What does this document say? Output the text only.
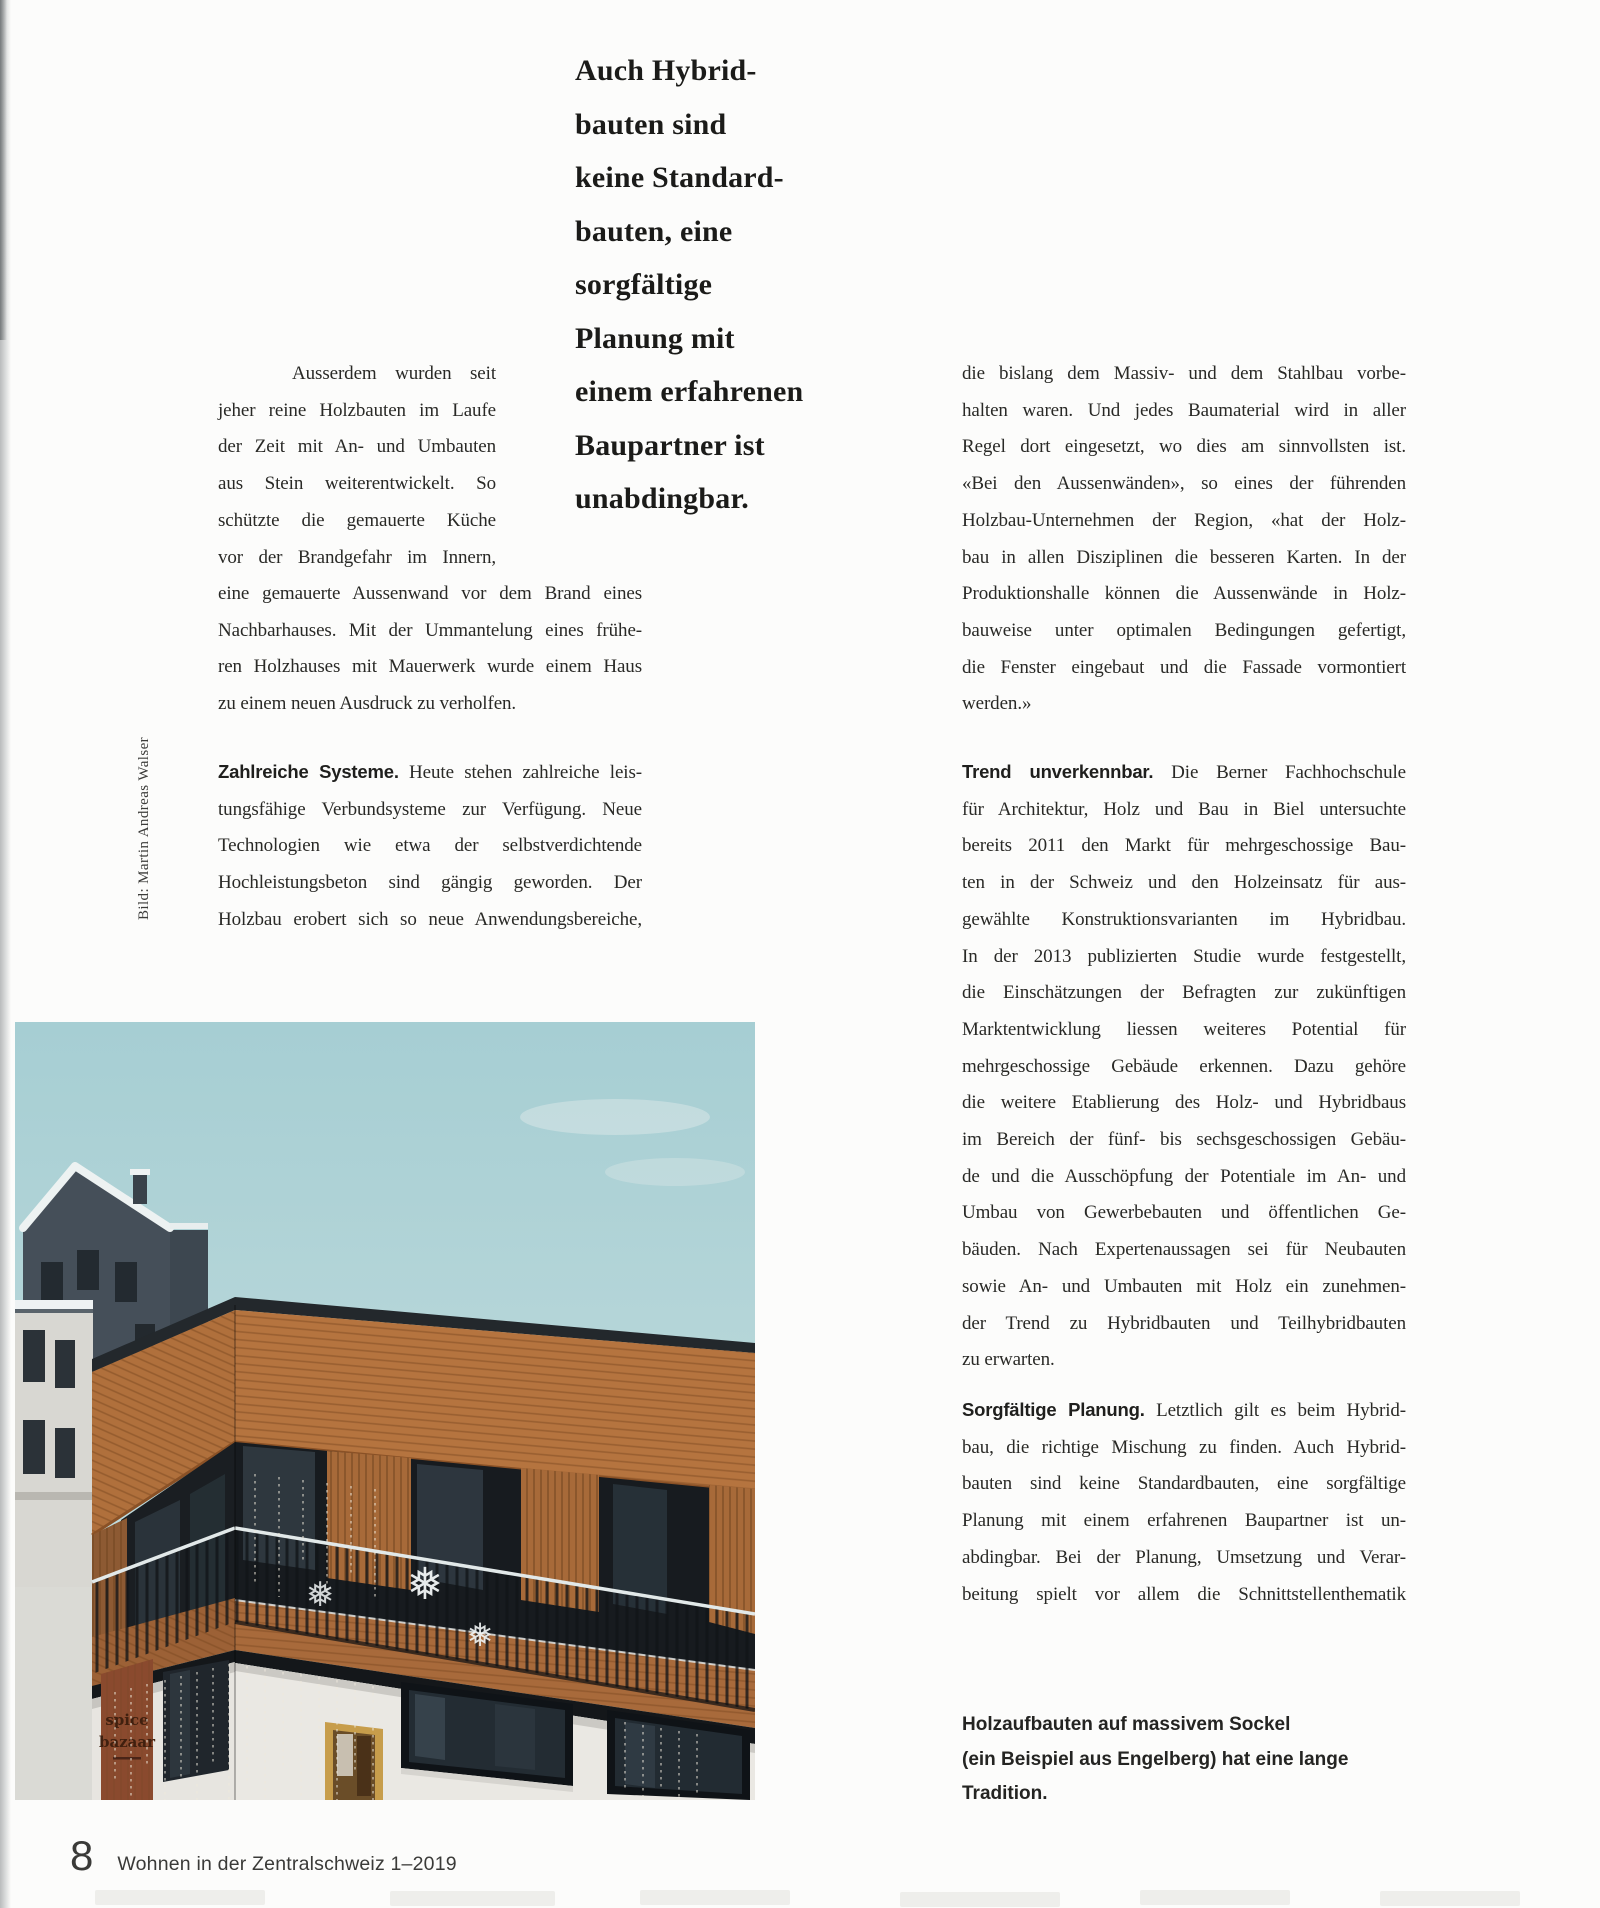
Auch Hybrid-
bauten sind
keine Standard-
bauten, eine
sorgfältige
Planung mit
einem erfahrenen
Baupartner ist
unabdingbar.
Ausserdem wurden seit
jeher reine Holzbauten im Laufe
der Zeit mit An- und Umbauten
aus Stein weiterentwickelt. So
schützte die gemauerte Küche
vor der Brandgefahr im Innern,
eine gemauerte Aussenwand vor dem Brand eines
Nachbarhauses. Mit der Ummantelung eines frühe-
ren Holzhauses mit Mauerwerk wurde einem Haus
zu einem neuen Ausdruck zu verholfen.
Zahlreiche Systeme. Heute stehen zahlreiche leis-
tungsfähige Verbundsysteme zur Verfügung. Neue
Technologien wie etwa der selbstverdichtende
Hochleistungsbeton sind gängig geworden. Der
Holzbau erobert sich so neue Anwendungsbereiche,
die bislang dem Massiv- und dem Stahlbau vorbe-
halten waren. Und jedes Baumaterial wird in aller
Regel dort eingesetzt, wo dies am sinnvollsten ist.
«Bei den Aussenwänden», so eines der führenden
Holzbau-Unternehmen der Region, «hat der Holz-
bau in allen Disziplinen die besseren Karten. In der
Produktionshalle können die Aussenwände in Holz-
bauweise unter optimalen Bedingungen gefertigt,
die Fenster eingebaut und die Fassade vormontiert
werden.»
Trend unverkennbar. Die Berner Fachhochschule
für Architektur, Holz und Bau in Biel untersuchte
bereits 2011 den Markt für mehrgeschossige Bau-
ten in der Schweiz und den Holzeinsatz für aus-
gewählte Konstruktionsvarianten im Hybridbau.
In der 2013 publizierten Studie wurde festgestellt,
die Einschätzungen der Befragten zur zukünftigen
Marktentwicklung liessen weiteres Potential für
mehrgeschossige Gebäude erkennen. Dazu gehöre
die weitere Etablierung des Holz- und Hybridbaus
im Bereich der fünf- bis sechsgeschossigen Gebäu-
de und die Ausschöpfung der Potentiale im An- und
Umbau von Gewerbebauten und öffentlichen Ge-
bäuden. Nach Expertenaussagen sei für Neubauten
sowie An- und Umbauten mit Holz ein zunehmen-
der Trend zu Hybridbauten und Teilhybridbauten
zu erwarten.
Sorgfältige Planung. Letztlich gilt es beim Hybrid-
bau, die richtige Mischung zu finden. Auch Hybrid-
bauten sind keine Standardbauten, eine sorgfältige
Planung mit einem erfahrenen Baupartner ist un-
abdingbar. Bei der Planung, Umsetzung und Verar-
beitung spielt vor allem die Schnittstellenthematik
Holzaufbauten auf massivem Sockel
(ein Beispiel aus Engelberg) hat eine lange
Tradition.
Bild: Martin Andreas Walser
spice
bazaar
❅ ❅
❅
8 Wohnen in der Zentralschweiz 1–2019
